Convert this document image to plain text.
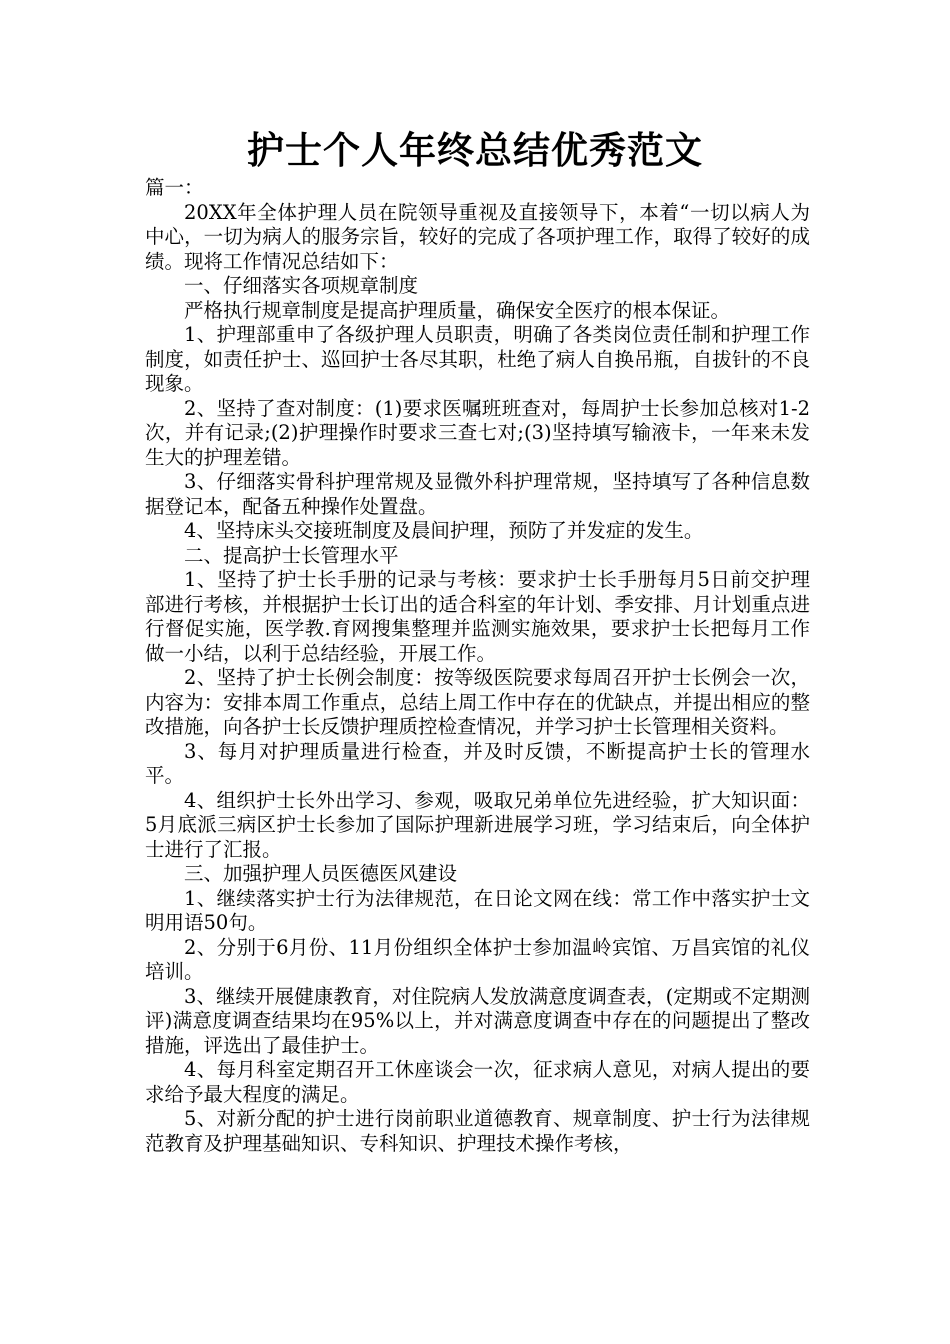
护士个人年终总结优秀范文

篇一：

20XX年全体护理人员在院领导重视及直接领导下，本着“一切以病人为中心，一切为病人的服务宗旨，较好的完成了各项护理工作，取得了较好的成绩。现将工作情况总结如下：

一、仔细落实各项规章制度

严格执行规章制度是提高护理质量，确保安全医疗的根本保证。

1、护理部重申了各级护理人员职责，明确了各类岗位责任制和护理工作制度，如责任护士、巡回护士各尽其职，杜绝了病人自换吊瓶，自拔针的不良现象。

2、坚持了查对制度：(1)要求医嘱班班查对，每周护士长参加总核对1-2次，并有记录;(2)护理操作时要求三查七对;(3)坚持填写输液卡，一年来未发生大的护理差错。

3、仔细落实骨科护理常规及显微外科护理常规，坚持填写了各种信息数据登记本，配备五种操作处置盘。

4、坚持床头交接班制度及晨间护理，预防了并发症的发生。

二、提高护士长管理水平

1、坚持了护士长手册的记录与考核：要求护士长手册每月5日前交护理部进行考核，并根据护士长订出的适合科室的年计划、季安排、月计划重点进行督促实施，医学教.育网搜集整理并监测实施效果，要求护士长把每月工作做一小结，以利于总结经验，开展工作。

2、坚持了护士长例会制度：按等级医院要求每周召开护士长例会一次，内容为：安排本周工作重点，总结上周工作中存在的优缺点，并提出相应的整改措施，向各护士长反馈护理质控检查情况，并学习护士长管理相关资料。

3、每月对护理质量进行检查，并及时反馈，不断提高护士长的管理水平。

4、组织护士长外出学习、参观，吸取兄弟单位先进经验，扩大知识面：5月底派三病区护士长参加了国际护理新进展学习班，学习结束后，向全体护士进行了汇报。

三、加强护理人员医德医风建设

1、继续落实护士行为法律规范，在日论文网在线：常工作中落实护士文明用语50句。

2、分别于6月份、11月份组织全体护士参加温岭宾馆、万昌宾馆的礼仪培训。

3、继续开展健康教育，对住院病人发放满意度调查表，(定期或不定期测评)满意度调查结果均在95%以上，并对满意度调查中存在的问题提出了整改措施，评选出了最佳护士。

4、每月科室定期召开工休座谈会一次，征求病人意见，对病人提出的要求给予最大程度的满足。

5、对新分配的护士进行岗前职业道德教育、规章制度、护士行为法律规范教育及护理基础知识、专科知识、护理技术操作考核，
